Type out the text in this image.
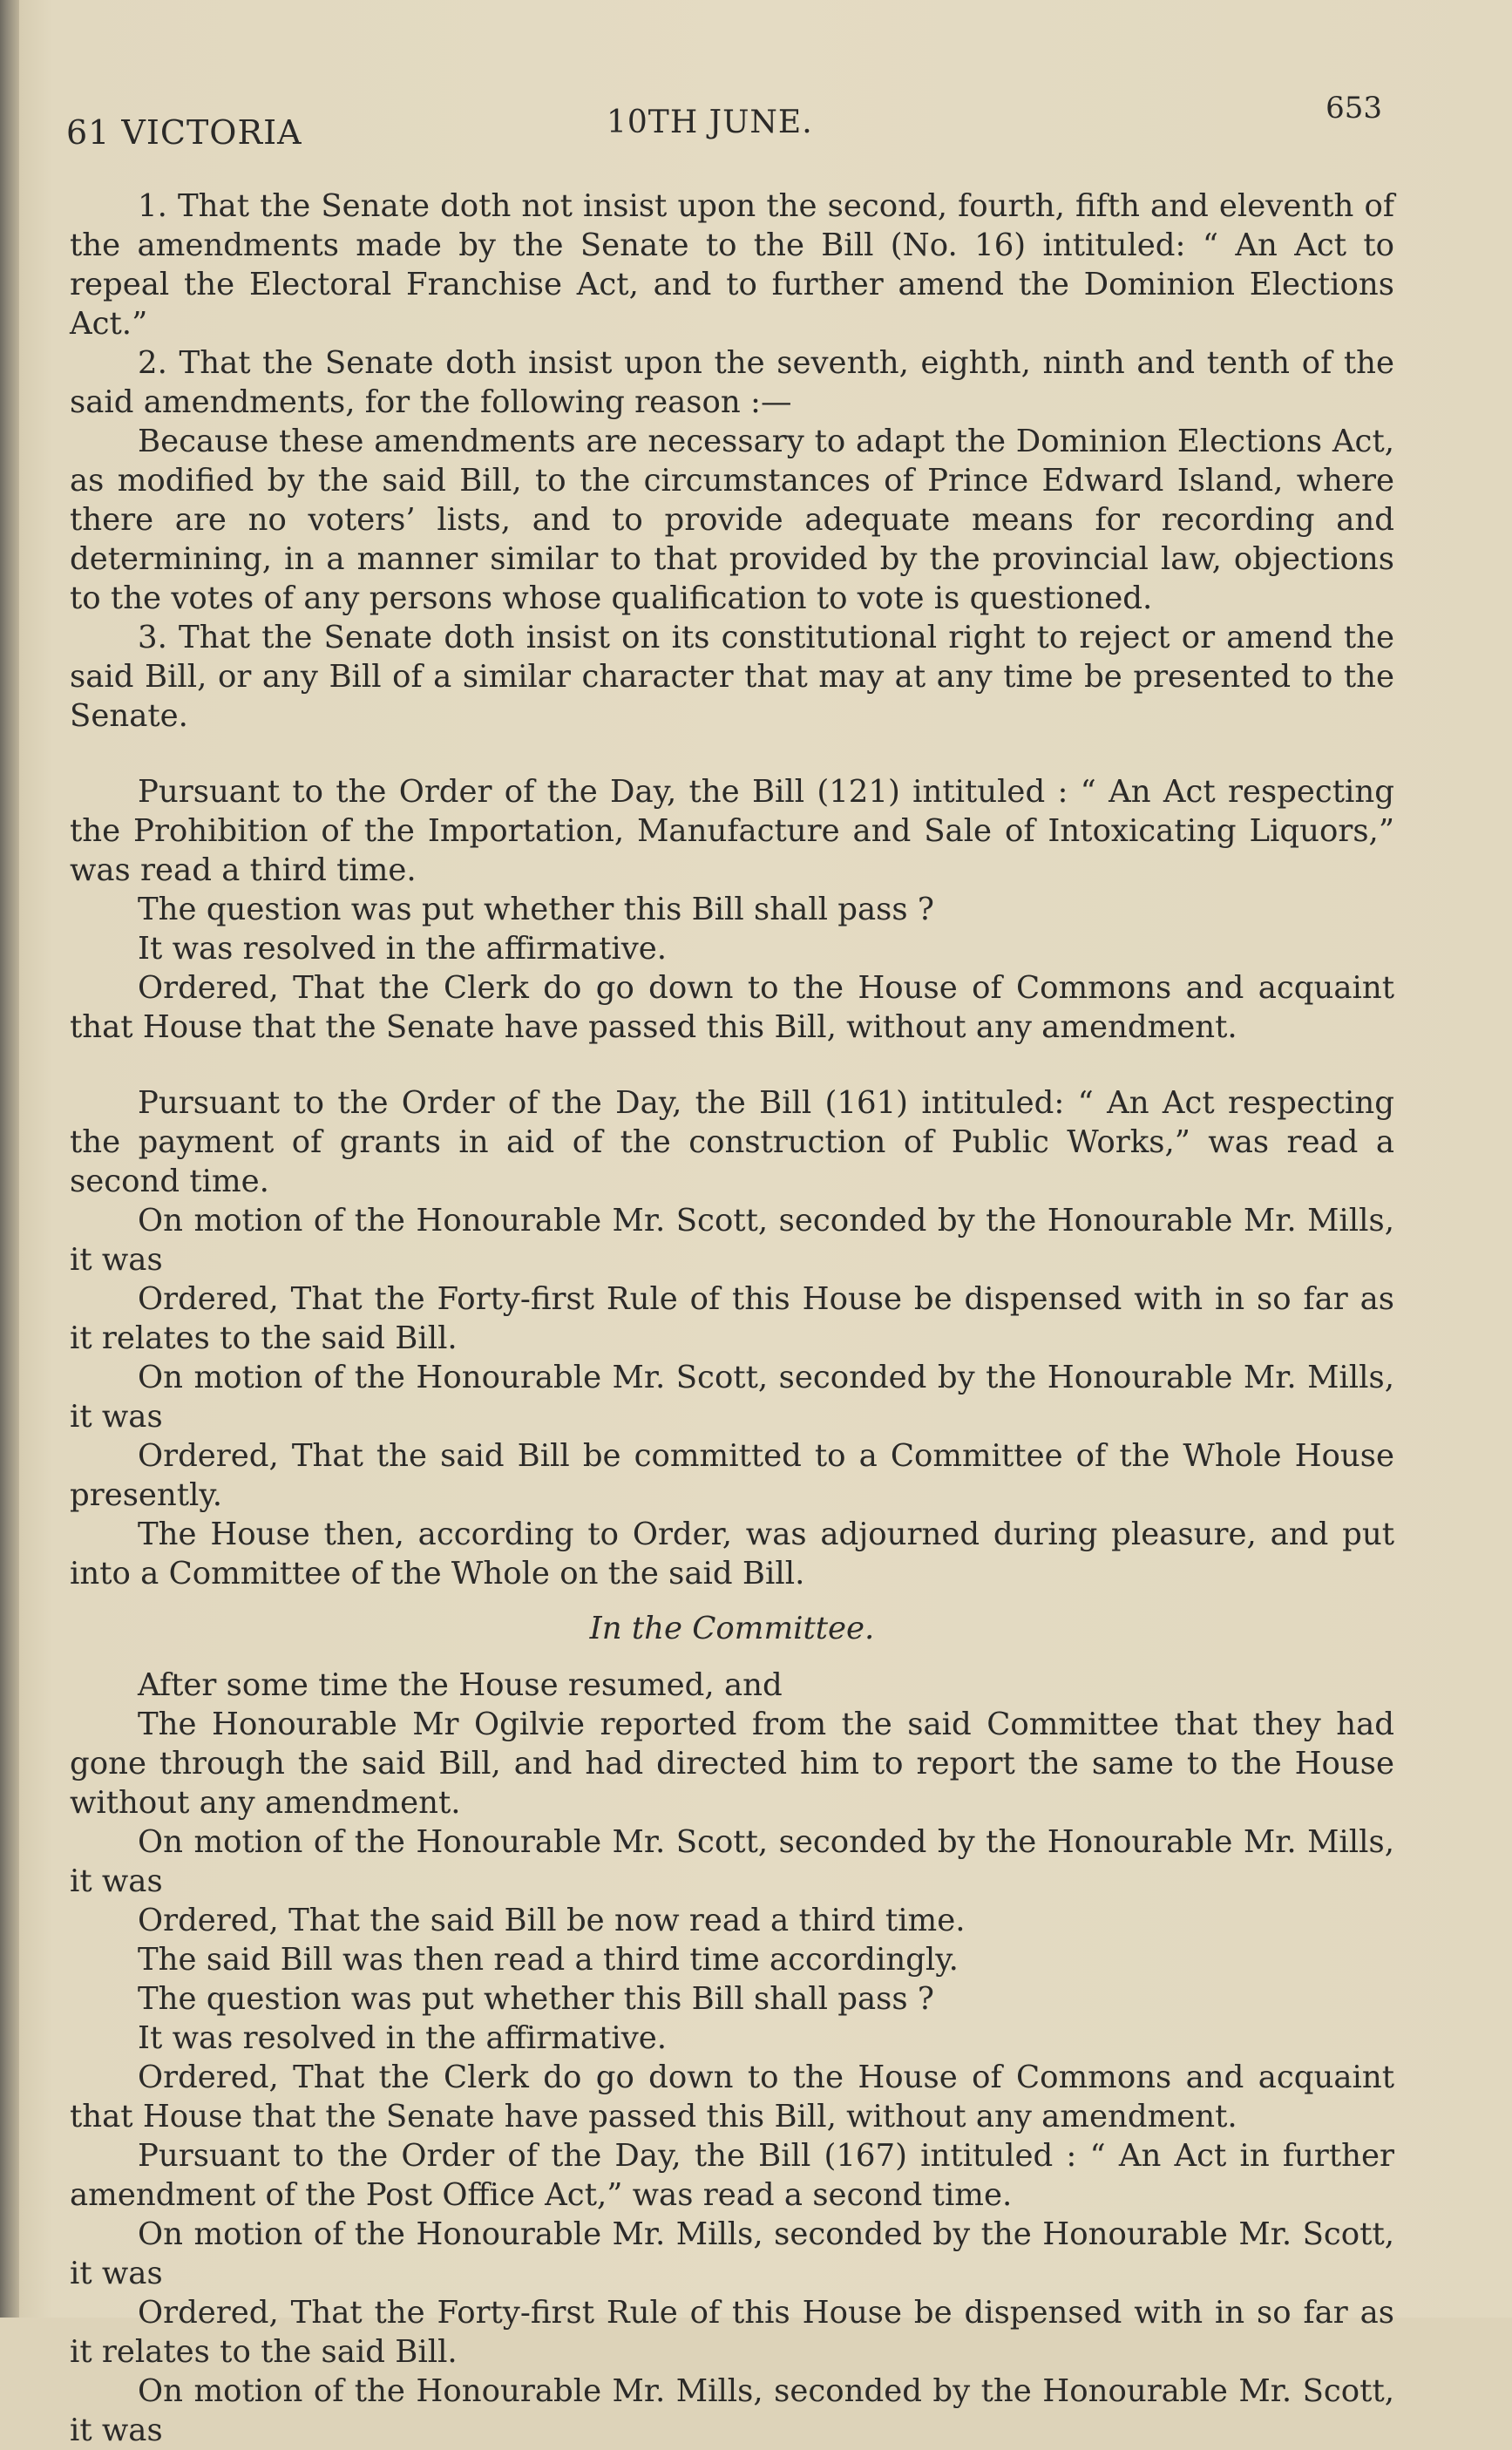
61 VICTORIA	10TH JUNE.	653

1. That the Senate doth not insist upon the second, fourth, fifth and eleventh of the amendments made by the Senate to the Bill (No. 16) intituled: “ An Act to repeal the Electoral Franchise Act, and to further amend the Dominion Elections Act.”

2. That the Senate doth insist upon the seventh, eighth, ninth and tenth of the said amendments, for the following reason :—

Because these amendments are necessary to adapt the Dominion Elections Act, as modified by the said Bill, to the circumstances of Prince Edward Island, where there are no voters’ lists, and to provide adequate means for recording and determining, in a manner similar to that provided by the provincial law, objections to the votes of any persons whose qualification to vote is questioned.

3. That the Senate doth insist on its constitutional right to reject or amend the said Bill, or any Bill of a similar character that may at any time be presented to the Senate.

Pursuant to the Order of the Day, the Bill (121) intituled : “ An Act respecting the Prohibition of the Importation, Manufacture and Sale of Intoxicating Liquors,” was read a third time.

The question was put whether this Bill shall pass ?

It was resolved in the affirmative.

Ordered, That the Clerk do go down to the House of Commons and acquaint that House that the Senate have passed this Bill, without any amendment.

Pursuant to the Order of the Day, the Bill (161) intituled: “ An Act respecting the payment of grants in aid of the construction of Public Works,” was read a second time.

On motion of the Honourable Mr. Scott, seconded by the Honourable Mr. Mills, it was

Ordered, That the Forty-first Rule of this House be dispensed with in so far as it relates to the said Bill.

On motion of the Honourable Mr. Scott, seconded by the Honourable Mr. Mills, it was

Ordered, That the said Bill be committed to a Committee of the Whole House presently.

The House then, according to Order, was adjourned during pleasure, and put into a Committee of the Whole on the said Bill.

In the Committee.

After some time the House resumed, and

The Honourable Mr Ogilvie reported from the said Committee that they had gone through the said Bill, and had directed him to report the same to the House without any amendment.

On motion of the Honourable Mr. Scott, seconded by the Honourable Mr. Mills, it was

Ordered, That the said Bill be now read a third time.

The said Bill was then read a third time accordingly.

The question was put whether this Bill shall pass ?

It was resolved in the affirmative.

Ordered, That the Clerk do go down to the House of Commons and acquaint that House that the Senate have passed this Bill, without any amendment.

Pursuant to the Order of the Day, the Bill (167) intituled : “ An Act in further amendment of the Post Office Act,” was read a second time.

On motion of the Honourable Mr. Mills, seconded by the Honourable Mr. Scott, it was

Ordered, That the Forty-first Rule of this House be dispensed with in so far as it relates to the said Bill.

On motion of the Honourable Mr. Mills, seconded by the Honourable Mr. Scott, it was
